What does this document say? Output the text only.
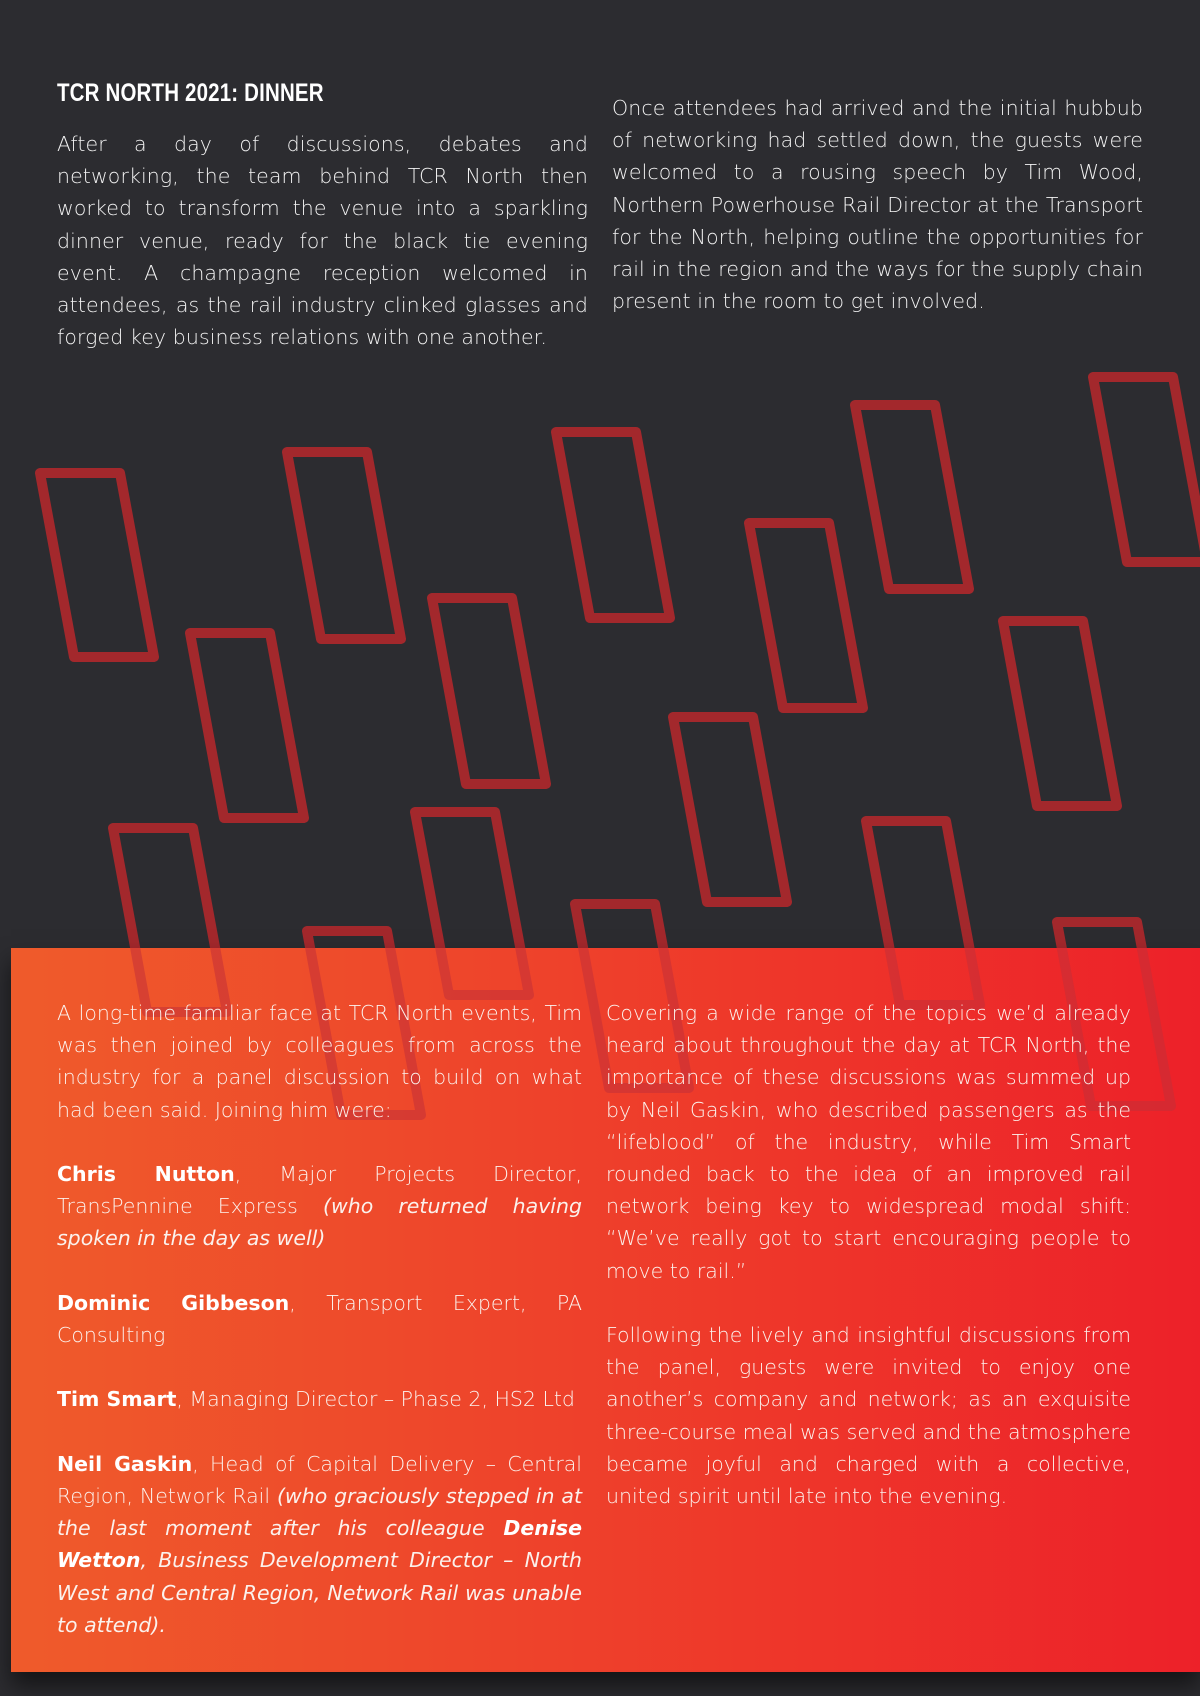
TCR NORTH 2021: DINNER

After a day of discussions, debates and networking, the team behind TCR North then worked to transform the venue into a sparkling dinner venue, ready for the black tie evening event. A champagne reception welcomed in attendees, as the rail industry clinked glasses and forged key business relations with one another.

Once attendees had arrived and the initial hubbub of networking had settled down, the guests were welcomed to a rousing speech by Tim Wood, Northern Powerhouse Rail Director at the Transport for the North, helping outline the opportunities for rail in the region and the ways for the supply chain present in the room to get involved.

A long-time familiar face at TCR North events, Tim was then joined by colleagues from across the industry for a panel discussion to build on what had been said. Joining him were:

Chris Nutton, Major Projects Director, TransPennine Express (who returned having spoken in the day as well)

Dominic Gibbeson, Transport Expert, PA Consulting

Tim Smart, Managing Director – Phase 2, HS2 Ltd

Neil Gaskin, Head of Capital Delivery – Central Region, Network Rail (who graciously stepped in at the last moment after his colleague Denise Wetton, Business Development Director – North West and Central Region, Network Rail was unable to attend).

Covering a wide range of the topics we’d already heard about throughout the day at TCR North, the importance of these discussions was summed up by Neil Gaskin, who described passengers as the “lifeblood” of the industry, while Tim Smart rounded back to the idea of an improved rail network being key to widespread modal shift: “We’ve really got to start encouraging people to move to rail.”

Following the lively and insightful discussions from the panel, guests were invited to enjoy one another’s company and network; as an exquisite three-course meal was served and the atmosphere became joyful and charged with a collective, united spirit until late into the evening.
